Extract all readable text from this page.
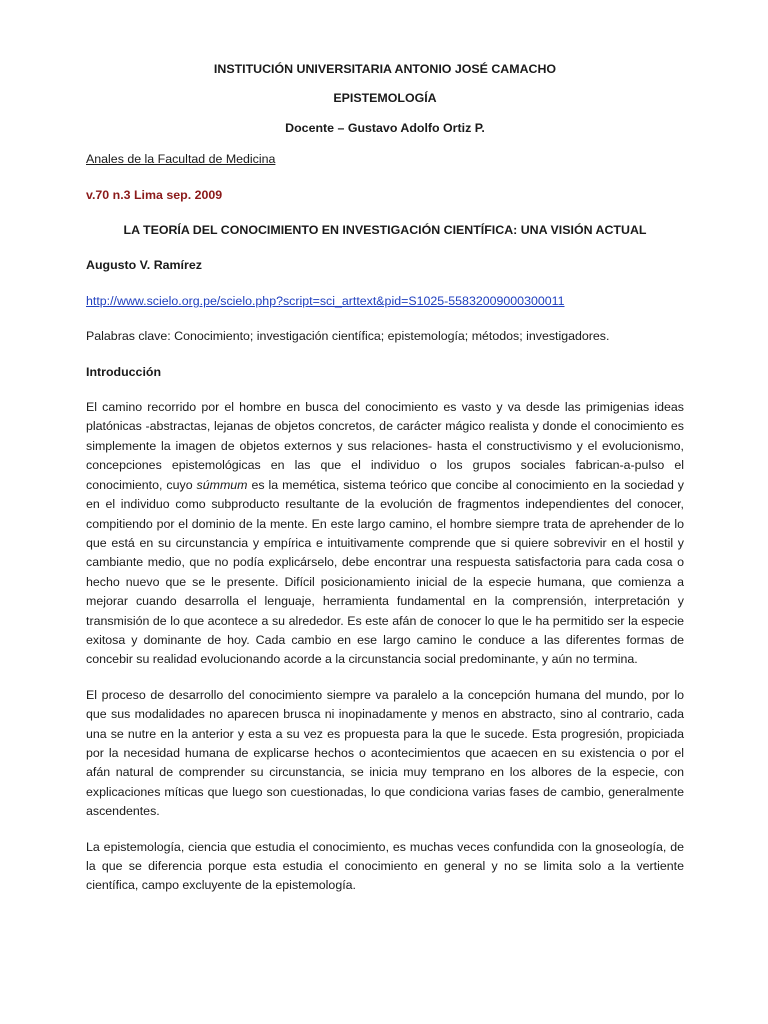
INSTITUCIÓN UNIVERSITARIA ANTONIO JOSÉ CAMACHO

EPISTEMOLOGÍA

Docente – Gustavo Adolfo Ortiz P.

Anales de la Facultad de Medicina

v.70 n.3 Lima sep. 2009

LA TEORÍA DEL CONOCIMIENTO EN INVESTIGACIÓN CIENTÍFICA: UNA VISIÓN ACTUAL

Augusto V. Ramírez

http://www.scielo.org.pe/scielo.php?script=sci_arttext&pid=S1025-55832009000300011

Palabras clave: Conocimiento; investigación científica; epistemología; métodos; investigadores.

Introducción

El camino recorrido por el hombre en busca del conocimiento es vasto y va desde las primigenias ideas platónicas -abstractas, lejanas de objetos concretos, de carácter mágico realista y donde el conocimiento es simplemente la imagen de objetos externos y sus relaciones- hasta el constructivismo y el evolucionismo, concepciones epistemológicas en las que el individuo o los grupos sociales fabrican-a-pulso el conocimiento, cuyo súmmum es la memética, sistema teórico que concibe al conocimiento en la sociedad y en el individuo como subproducto resultante de la evolución de fragmentos independientes del conocer, compitiendo por el dominio de la mente. En este largo camino, el hombre siempre trata de aprehender de lo que está en su circunstancia y empírica e intuitivamente comprende que si quiere sobrevivir en el hostil y cambiante medio, que no podía explicárselo, debe encontrar una respuesta satisfactoria para cada cosa o hecho nuevo que se le presente. Difícil posicionamiento inicial de la especie humana, que comienza a mejorar cuando desarrolla el lenguaje, herramienta fundamental en la comprensión, interpretación y transmisión de lo que acontece a su alrededor. Es este afán de conocer lo que le ha permitido ser la especie exitosa y dominante de hoy. Cada cambio en ese largo camino le conduce a las diferentes formas de concebir su realidad evolucionando acorde a la circunstancia social predominante, y aún no termina.

El proceso de desarrollo del conocimiento siempre va paralelo a la concepción humana del mundo, por lo que sus modalidades no aparecen brusca ni inopinadamente y menos en abstracto, sino al contrario, cada una se nutre en la anterior y esta a su vez es propuesta para la que le sucede. Esta progresión, propiciada por la necesidad humana de explicarse hechos o acontecimientos que acaecen en su existencia o por el afán natural de comprender su circunstancia, se inicia muy temprano en los albores de la especie, con explicaciones míticas que luego son cuestionadas, lo que condiciona varias fases de cambio, generalmente ascendentes.

La epistemología, ciencia que estudia el conocimiento, es muchas veces confundida con la gnoseología, de la que se diferencia porque esta estudia el conocimiento en general y no se limita solo a la vertiente científica, campo excluyente de la epistemología.
